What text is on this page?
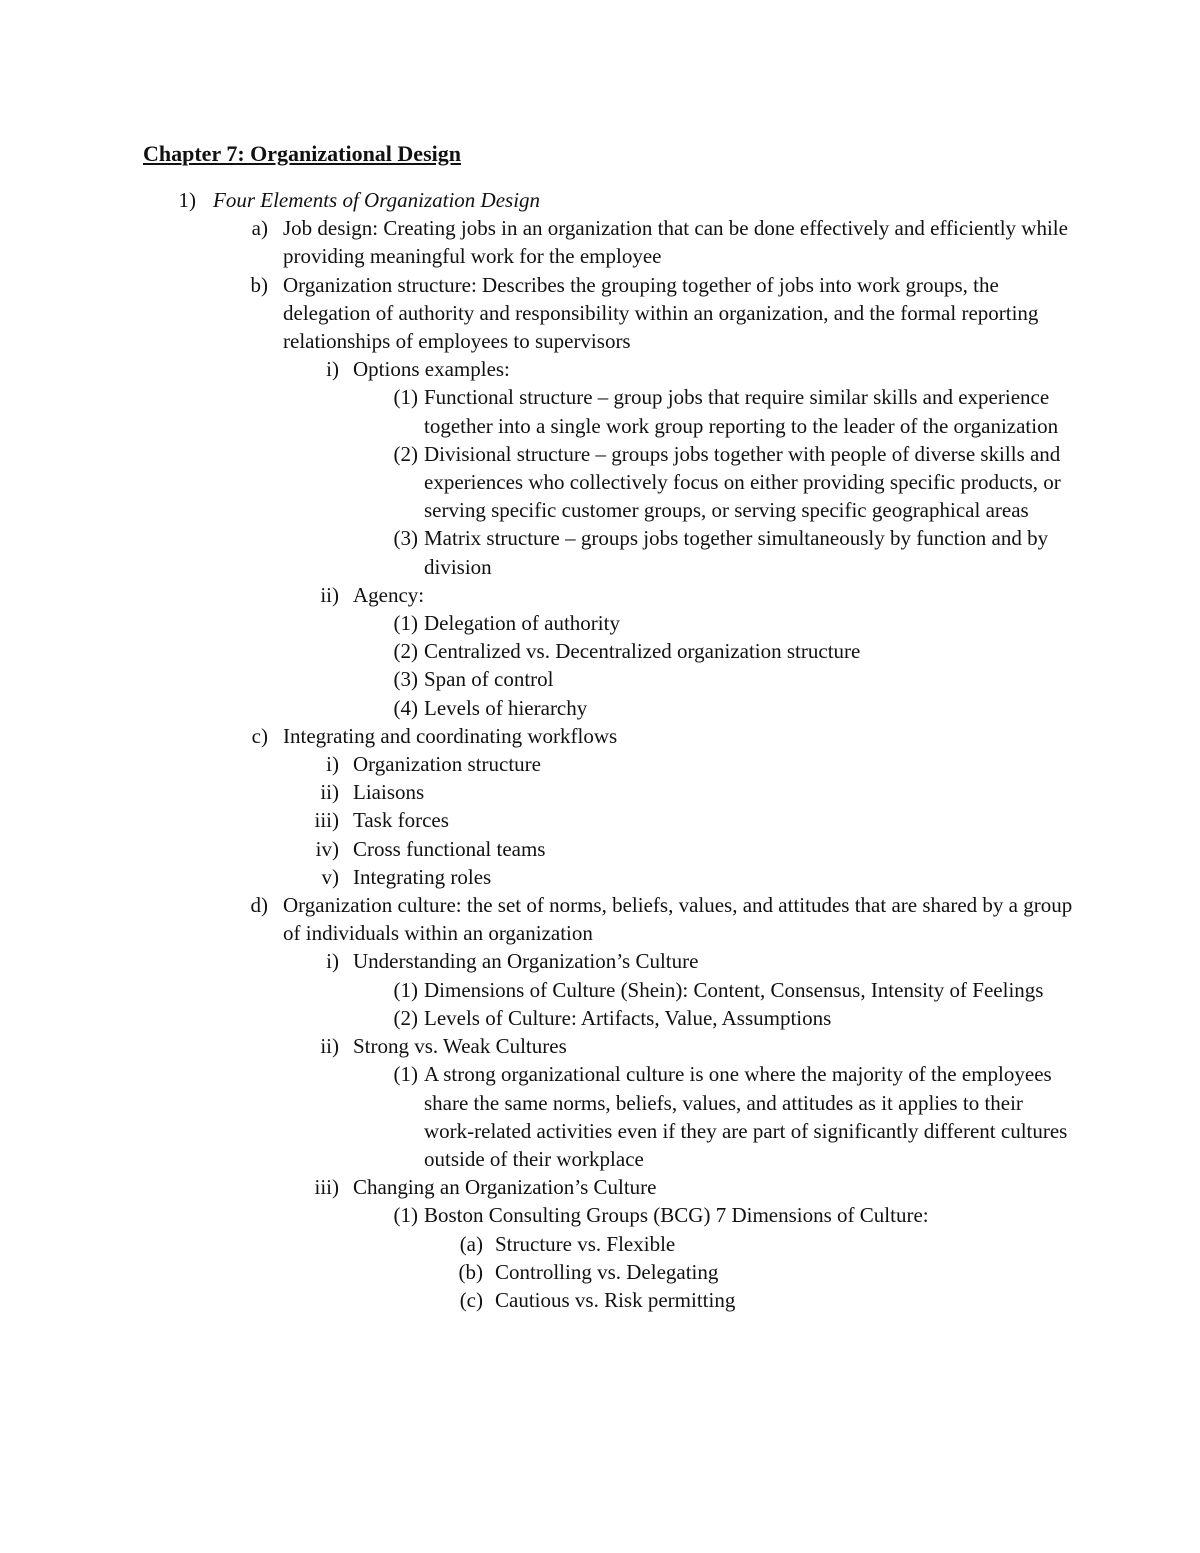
Chapter 7: Organizational Design
1) Four Elements of Organization Design
a) Job design: Creating jobs in an organization that can be done effectively and efficiently while providing meaningful work for the employee
b) Organization structure: Describes the grouping together of jobs into work groups, the delegation of authority and responsibility within an organization, and the formal reporting relationships of employees to supervisors
i) Options examples:
(1) Functional structure – group jobs that require similar skills and experience together into a single work group reporting to the leader of the organization
(2) Divisional structure – groups jobs together with people of diverse skills and experiences who collectively focus on either providing specific products, or serving specific customer groups, or serving specific geographical areas
(3) Matrix structure – groups jobs together simultaneously by function and by division
ii) Agency:
(1) Delegation of authority
(2) Centralized vs. Decentralized organization structure
(3) Span of control
(4) Levels of hierarchy
c) Integrating and coordinating workflows
i) Organization structure
ii) Liaisons
iii) Task forces
iv) Cross functional teams
v) Integrating roles
d) Organization culture: the set of norms, beliefs, values, and attitudes that are shared by a group of individuals within an organization
i) Understanding an Organization’s Culture
(1) Dimensions of Culture (Shein): Content, Consensus, Intensity of Feelings
(2) Levels of Culture: Artifacts, Value, Assumptions
ii) Strong vs. Weak Cultures
(1) A strong organizational culture is one where the majority of the employees share the same norms, beliefs, values, and attitudes as it applies to their work-related activities even if they are part of significantly different cultures outside of their workplace
iii) Changing an Organization’s Culture
(1) Boston Consulting Groups (BCG) 7 Dimensions of Culture:
(a) Structure vs. Flexible
(b) Controlling vs. Delegating
(c) Cautious vs. Risk permitting
